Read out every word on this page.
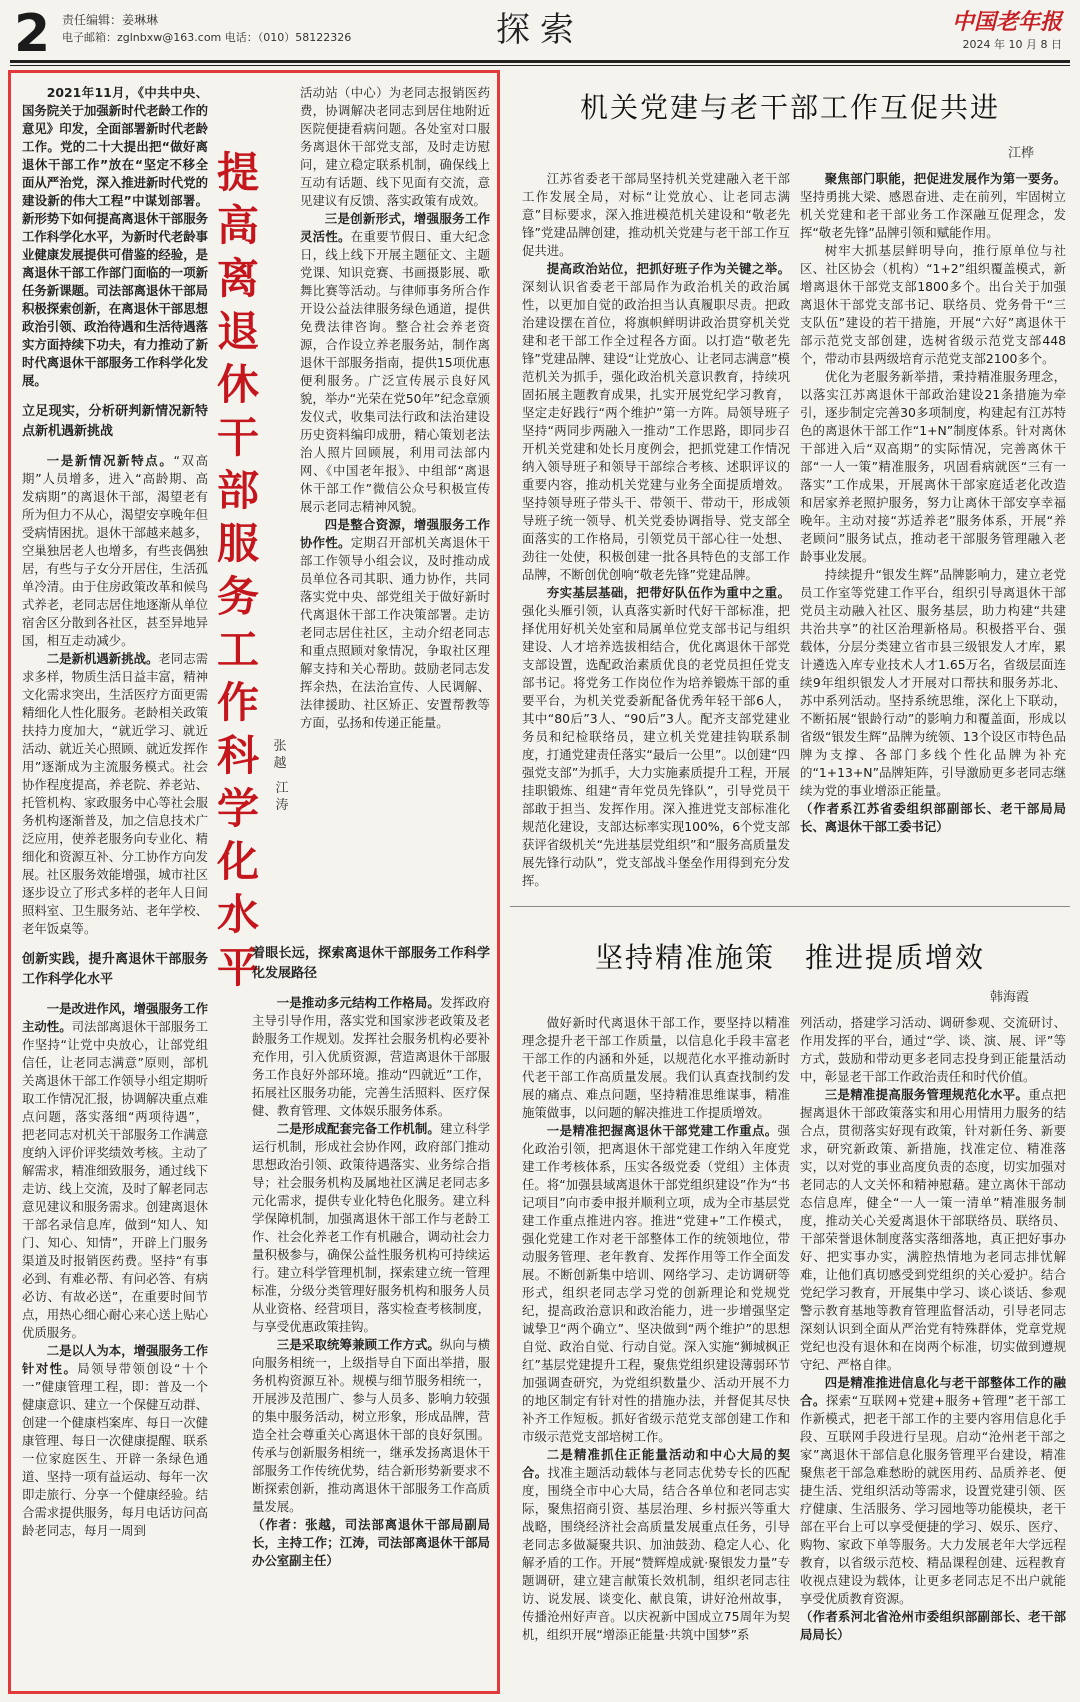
2 责任编辑：姜琳琳
电子邮箱：zglnbxw@163.com 电话：（010）58122326	探索	中国老年报
2024 年 10 月 8 日
提高离退休干部服务工作科学化水平
张越
江涛

2021年11月，《中共中央、国务院关于加强新时代老龄工作的意见》印发，全面部署新时代老龄工作。党的二十大提出把“做好离退休干部工作”放在“坚定不移全面从严治党，深入推进新时代党的建设新的伟大工程”中谋划部署。新形势下如何提高离退休干部服务工作科学化水平，为新时代老龄事业健康发展提供可借鉴的经验，是离退休干部工作部门面临的一项新任务新课题。司法部离退休干部局积极探索创新，在离退休干部思想政治引领、政治待遇和生活待遇落实方面持续下功夫，有力推动了新时代离退休干部服务工作科学化发展。

立足现实，分析研判新情况新特点新机遇新挑战

一是新情况新特点。“双高期”人员增多，进入“高龄期、高发病期”的离退休干部，渴望老有所为但力不从心，渴望安享晚年但受病情困扰。退休干部越来越多，空巢独居老人也增多，有些丧偶独居，有些与子女分开居住，生活孤单冷清。由于住房政策改革和候鸟式养老，老同志居住地逐渐从单位宿舍区分散到各社区，甚至异地异国，相互走动减少。

二是新机遇新挑战。老同志需求多样，物质生活日益丰富，精神文化需求突出，生活医疗方面更需精细化人性化服务。老龄相关政策扶持力度加大，“就近学习、就近活动、就近关心照顾、就近发挥作用”逐渐成为主流服务模式。社会协作程度提高，养老院、养老站、托管机构、家政服务中心等社会服务机构逐渐普及，加之信息技术广泛应用，使养老服务向专业化、精细化和资源互补、分工协作方向发展。社区服务效能增强，城市社区逐步设立了形式多样的老年人日间照料室、卫生服务站、老年学校、老年饭桌等。

创新实践，提升离退休干部服务工作科学化水平

一是改进作风，增强服务工作主动性。司法部离退休干部服务工作坚持“让党中央放心，让部党组信任，让老同志满意”原则，部机关离退休干部工作领导小组定期听取工作情况汇报，协调解决重点难点问题，落实落细“两项待遇”，把老同志对机关干部服务工作满意度纳入评价评奖绩效考核。主动了解需求，精准细致服务，通过线下走访、线上交流，及时了解老同志意见建议和服务需求。创建离退休干部名录信息库，做到“知人、知门、知心、知情”，开辟上门服务渠道及时报销医药费。坚持“有事必到、有难必帮、有问必答、有病必访、有故必送”，在重要时间节点，用热心细心耐心来心送上贴心优质服务。

二是以人为本，增强服务工作针对性。局领导带领创设“十个一”健康管理工程，即：普及一个健康意识、建立一个保健互动群、创建一个健康档案库、每日一次健康管理、每日一次健康提醒、联系一位家庭医生、开辟一条绿色通道、坚持一项有益运动、每年一次即走旅行、分享一个健康经验。结合需求提供服务，每月电话访问高龄老同志，每月一周到

活动站（中心）为老同志报销医药费，协调解决老同志到居住地附近医院便捷看病问题。各处室对口服务离退休干部党支部，及时走访慰问，建立稳定联系机制，确保线上互动有话题、线下见面有交流，意见建议有反馈、落实政策有成效。

三是创新形式，增强服务工作灵活性。在重要节假日、重大纪念日，线上线下开展主题征文、主题党课、知识竞赛、书画摄影展、歌舞比赛等活动。与律师事务所合作开设公益法律服务绿色通道，提供免费法律咨询。整合社会养老资源，合作设立养老服务站，制作离退休干部服务指南，提供15项优惠便利服务。广泛宣传展示良好风貌，举办“光荣在党50年”纪念章颁发仪式，收集司法行政和法治建设历史资料编印成册，精心策划老法治人照片回顾展，利用司法部内网、《中国老年报》、中组部“离退休干部工作”微信公众号积极宣传展示老同志精神风貌。

四是整合资源，增强服务工作协作性。定期召开部机关离退休干部工作领导小组会议，及时推动成员单位各司其职、通力协作，共同落实党中央、部党组关于做好新时代离退休干部工作决策部署。走访老同志居住社区，主动介绍老同志和重点照顾对象情况，争取社区理解支持和关心帮助。鼓励老同志发挥余热，在法治宣传、人民调解、法律援助、社区矫正、安置帮教等方面，弘扬和传递正能量。

着眼长远，探索离退休干部服务工作科学化发展路径

一是推动多元结构工作格局。发挥政府主导引导作用，落实党和国家涉老政策及老龄服务工作规划。发挥社会服务机构必要补充作用，引入优质资源，营造离退休干部服务工作良好外部环境。推动“四就近”工作，拓展社区服务功能，完善生活照料、医疗保健、教育管理、文体娱乐服务体系。

二是形成配套完备工作机制。建立科学运行机制，形成社会协作网，政府部门推动思想政治引领、政策待遇落实、业务综合指导；社会服务机构及属地社区满足老同志多元化需求，提供专业化特色化服务。建立科学保障机制，加强离退休干部工作与老龄工作、社会化养老工作有机融合，调动社会力量积极参与，确保公益性服务机构可持续运行。建立科学管理机制，探索建立统一管理标准，分级分类管理好服务机构和服务人员从业资格、经营项目，落实检查考核制度，与享受优惠政策挂钩。

三是采取统筹兼顾工作方式。纵向与横向服务相统一，上级指导自下面出举措，服务机构资源互补。规模与细节服务相统一，开展涉及范围广、参与人员多、影响力较强的集中服务活动，树立形象，形成品牌，营造全社会尊重关心离退休干部的良好氛围。传承与创新服务相统一，继承发扬离退休干部服务工作传统优势，结合新形势新要求不断探索创新，推动离退休干部服务工作高质量发展。

（作者：张越，司法部离退休干部局副局长，主持工作；江涛，司法部离退休干部局办公室副主任）

机关党建与老干部工作互促共进
江桦

江苏省委老干部局坚持机关党建融入老干部工作发展全局，对标“让党放心、让老同志满意”目标要求，深入推进模范机关建设和“敬老先锋”党建品牌创建，推动机关党建与老干部工作互促共进。

提高政治站位，把抓好班子作为关键之举。深刻认识省委老干部局作为政治机关的政治属性，以更加自觉的政治担当认真履职尽责。把政治建设摆在首位，将旗帜鲜明讲政治贯穿机关党建和老干部工作全过程各方面。以打造“敬老先锋”党建品牌、建设“让党放心、让老同志满意”模范机关为抓手，强化政治机关意识教育，持续巩固拓展主题教育成果，扎实开展党纪学习教育，坚定走好践行“两个维护”第一方阵。局领导班子坚持“两同步两融入一推动”工作思路，即同步召开机关党建和处长月度例会，把抓党建工作情况纳入领导班子和领导干部综合考核、述职评议的重要内容，推动机关党建与业务全面提质增效。坚持领导班子带头干、带领干、带动干，形成领导班子统一领导、机关党委协调指导、党支部全面落实的工作格局，引领党员干部心往一处想、劲往一处使，积极创建一批各具特色的支部工作品牌，不断创优创响“敬老先锋”党建品牌。

夯实基层基础，把带好队伍作为重中之重。强化头雁引领，认真落实新时代好干部标准，把择优用好机关处室和局属单位党支部书记与组织建设、人才培养选拔相结合，优化离退休干部党支部设置，选配政治素质优良的老党员担任党支部书记。将党务工作岗位作为培养锻炼干部的重要平台，为机关党委新配备优秀年轻干部6人，其中“80后”3人、“90后”3人。配齐支部党建业务员和纪检联络员，建立机关党建挂钩联系制度，打通党建责任落实“最后一公里”。以创建“四强党支部”为抓手，大力实施素质提升工程，开展挂职锻炼、组建“青年党员先锋队”，引导党员干部敢于担当、发挥作用。深入推进党支部标准化规范化建设，支部达标率实现100%，6个党支部获评省级机关“先进基层党组织”和“服务高质量发展先锋行动队”，党支部战斗堡垒作用得到充分发挥。

聚焦部门职能，把促进发展作为第一要务。坚持勇挑大梁、感恩奋进、走在前列，牢固树立机关党建和老干部业务工作深融互促理念，发挥“敬老先锋”品牌引领和赋能作用。

树牢大抓基层鲜明导向，推行原单位与社区、社区协会（机构）“1+2”组织覆盖模式，新增离退休干部党支部1800多个。出台关于加强离退休干部党支部书记、联络员、党务骨干“三支队伍”建设的若干措施，开展“六好”离退休干部示范党支部创建，选树省级示范党支部448个，带动市县两级培育示范党支部2100多个。

优化为老服务新举措，秉持精准服务理念，以落实江苏离退休干部政治建设21条措施为牵引，逐步制定完善30多项制度，构建起有江苏特色的离退休干部工作“1+N”制度体系。针对离休干部进入后“双高期”的实际情况，完善离休干部“一人一策”精准服务，巩固看病就医“三有一落实”工作成果，开展离休干部家庭适老化改造和居家养老照护服务，努力让离休干部安享幸福晚年。主动对接“苏适养老”服务体系，开展“养老顾问”服务试点，推动老干部服务管理融入老龄事业发展。

持续提升“银发生辉”品牌影响力，建立老党员工作室等党建工作平台，组织引导离退休干部党员主动融入社区、服务基层，助力构建“共建共治共享”的社区治理新格局。积极搭平台、强载体，分层分类建立省市县三级银发人才库，累计遴选入库专业技术人才1.65万名，省级层面连续9年组织银发人才开展对口帮扶和服务苏北、苏中系列活动。坚持系统思维，深化上下联动，不断拓展“银龄行动”的影响力和覆盖面，形成以省级“银发生辉”品牌为统领、13个设区市特色品牌为支撑、各部门多线个性化品牌为补充的“1+13+N”品牌矩阵，引导激励更多老同志继续为党的事业增添正能量。

（作者系江苏省委组织部副部长、老干部局局长、离退休干部工委书记）

坚持精准施策　推进提质增效
韩海霞

做好新时代离退休干部工作，要坚持以精准理念提升老干部工作质量，以信息化手段丰富老干部工作的内涵和外延，以规范化水平推动新时代老干部工作高质量发展。我们认真查找制约发展的痛点、难点问题，坚持精准思维谋事，精准施策做事，以问题的解决推进工作提质增效。

一是精准把握离退休干部党建工作重点。强化政治引领，把离退休干部党建工作纳入年度党建工作考核体系，压实各级党委（党组）主体责任。将“加强县域离退休干部党组织建设”作为“书记项目”向市委申报并顺利立项，成为全市基层党建工作重点推进内容。推进“党建+”工作模式，强化党建工作对老干部整体工作的统领地位，带动服务管理、老年教育、发挥作用等工作全面发展。不断创新集中培训、网络学习、走访调研等形式，组织老同志学习党的创新理论和党规党纪，提高政治意识和政治能力，进一步增强坚定诚挚卫“两个确立”、坚决做到“两个维护”的思想自觉、政治自觉、行动自觉。深入实施“狮城枫正红”基层党建提升工程，聚焦党组织建设薄弱环节加强调查研究，为党组织数量少、活动开展不力的地区制定有针对性的措施办法，并督促其尽快补齐工作短板。抓好省级示范党支部创建工作和市级示范党支部培树工作。

二是精准抓住正能量活动和中心大局的契合。找准主题活动载体与老同志优势专长的匹配度，围绕全市中心大局，结合各单位和老同志实际，聚焦招商引资、基层治理、乡村振兴等重大战略，围绕经济社会高质量发展重点任务，引导老同志多做凝聚共识、加油鼓劲、稳定人心、化解矛盾的工作。开展“赞辉煌成就·聚银发力量”专题调研，建立建言献策长效机制，组织老同志往访、说发展、谈变化、献良策，讲好沧州故事，传播沧州好声音。以庆祝新中国成立75周年为契机，组织开展“增添正能量·共筑中国梦”系

列活动，搭建学习活动、调研参观、交流研讨、作用发挥的平台，通过“学、谈、演、展、评”等方式，鼓励和带动更多老同志投身到正能量活动中，彰显老干部工作政治责任和时代价值。

三是精准提高服务管理规范化水平。重点把握离退休干部政策落实和用心用情用力服务的结合点，贯彻落实好现有政策，针对新任务、新要求，研究新政策、新措施，找准定位、精准落实，以对党的事业高度负责的态度，切实加强对老同志的人文关怀和精神慰藉。建立离休干部动态信息库，健全“一人一策一清单”精准服务制度，推动关心关爱离退休干部联络员、联络员、干部荣誉退休制度落实落细落地，真正把好事办好、把实事办实，满腔热情地为老同志排忧解难，让他们真切感受到党组织的关心爱护。结合党纪学习教育，开展集中学习、谈心谈话、参观警示教育基地等教育管理监督活动，引导老同志深刻认识到全面从严治党有特殊群体，党章党规党纪也没有退休和在岗两个标准，切实做到遵规守纪、严格自律。

四是精准推进信息化与老干部整体工作的融合。探索“互联网+党建+服务+管理”老干部工作新模式，把老干部工作的主要内容用信息化手段、互联网手段进行呈现。启动“沧州老干部之家”离退休干部信息化服务管理平台建设，精准聚焦老干部急难愁盼的就医用药、品质养老、便捷生活、党组织活动等需求，设置党建引领、医疗健康、生活服务、学习园地等功能模块，老干部在平台上可以享受便捷的学习、娱乐、医疗、购物、家政下单等服务。大力发展老年大学远程教育，以省级示范校、精品课程创建、远程教育收视点建设为载体，让更多老同志足不出户就能享受优质教育资源。

（作者系河北省沧州市委组织部副部长、老干部局局长）
